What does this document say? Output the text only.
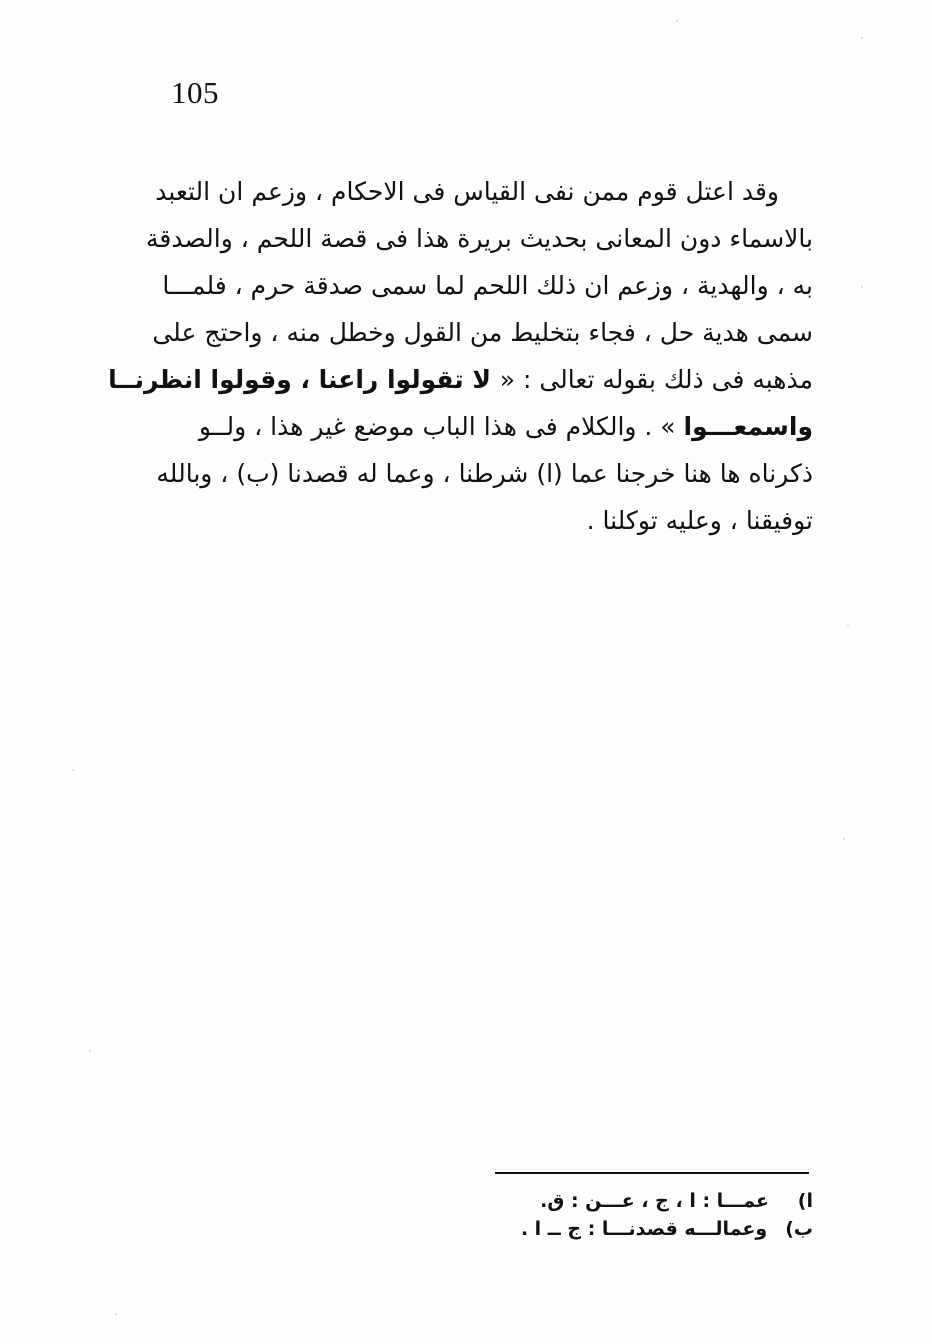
105
وقد اعتل قوم ممن نفى القياس فى الاحكام ، وزعم ان التعبد
بالاسماء دون المعانى بحديث بريرة هذا فى قصة اللحم ، والصدقة
به ، والهدية ، وزعم ان ذلك اللحم لما سمى صدقة حرم ، فلمـــا
سمى هدية حل ، فجاء بتخليط من القول وخطل منه ، واحتج على
مذهبه فى ذلك بقوله تعالى : « لا تقولوا راعنا ، وقولوا انظرنــا
واسمعـــوا » . والكلام فى هذا الباب موضع غير هذا ، ولــو
ذكرناه ها هنا خرجنا عما (ا) شرطنا ، وعما له قصدنا (ب) ، وبالله
توفيقنا ، وعليه توكلنا .
ا)
عمـــا : ا ، ج ، عـــن : ق.
ب)
وعمالـــه قصدنـــا : ج ــ ا .
